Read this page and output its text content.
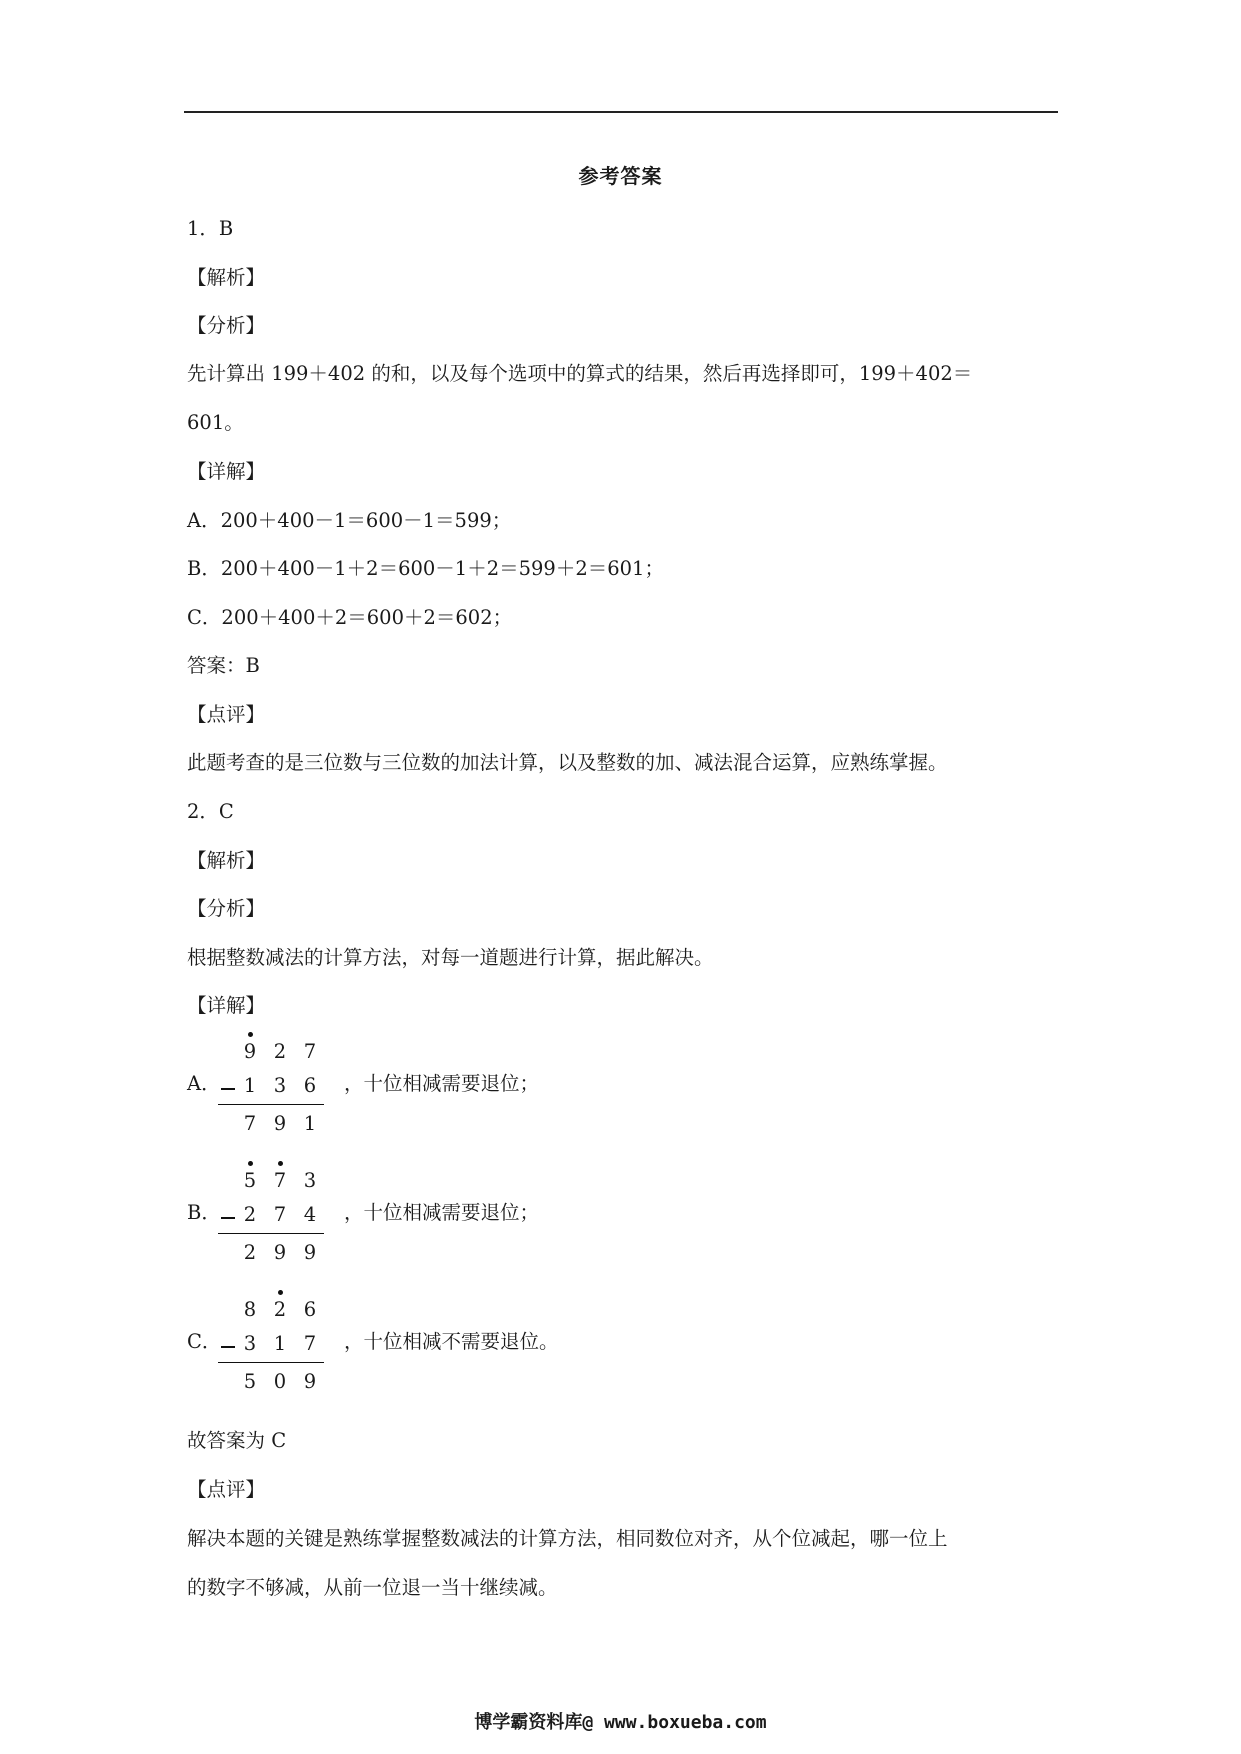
参考答案
1．B
【解析】
【分析】
先计算出 199＋402 的和，以及每个选项中的算式的结果，然后再选择即可，199＋402＝
601。
【详解】
A．200＋400－1＝600－1＝599；
B．200＋400－1＋2＝600－1＋2＝599＋2＝601；
C．200＋400＋2＝600＋2＝602；
答案：B
【点评】
此题考查的是三位数与三位数的加法计算，以及整数的加、减法混合运算，应熟练掌握。
2．C
【解析】
【分析】
根据整数减法的计算方法，对每一道题进行计算，据此解决。
【详解】
A．
9 2 7
1 3 6
7 9 1
，十位相减需要退位；
B．
5 7 3
2 7 4
2 9 9
，十位相减需要退位；
C．
8 2 6
3 1 7
5 0 9
，十位相减不需要退位。
故答案为 C
【点评】
解决本题的关键是熟练掌握整数减法的计算方法，相同数位对齐，从个位减起，哪一位上
的数字不够减，从前一位退一当十继续减。
博学霸资料库@ www.boxueba.com
